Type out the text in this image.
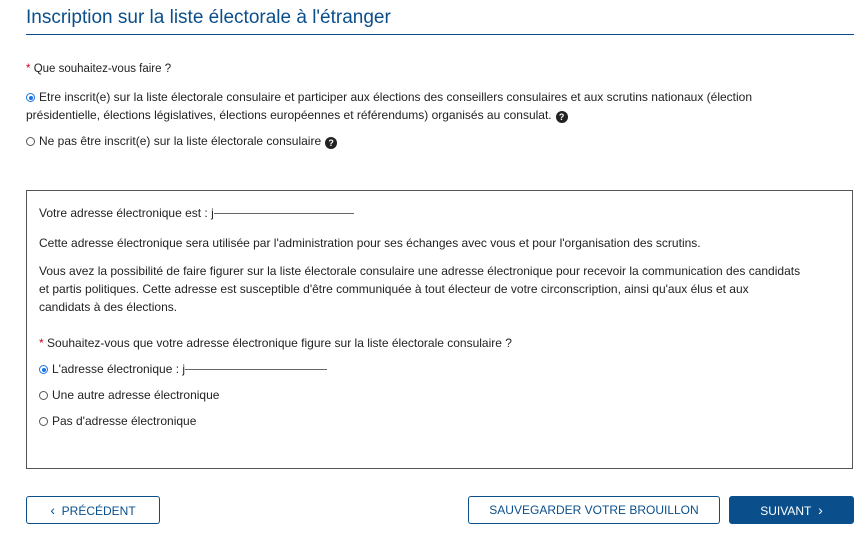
Inscription sur la liste électorale à l'étranger
* Que souhaitez-vous faire ?
Etre inscrit(e) sur la liste électorale consulaire et participer aux élections des conseillers consulaires et aux scrutins nationaux (élection
présidentielle, élections législatives, élections européennes et référendums) organisés au consulat. ?
Ne pas être inscrit(e) sur la liste électorale consulaire ?
Votre adresse électronique est : j
Cette adresse électronique sera utilisée par l'administration pour ses échanges avec vous et pour l'organisation des scrutins.
Vous avez la possibilité de faire figurer sur la liste électorale consulaire une adresse électronique pour recevoir la communication des candidats
et partis politiques. Cette adresse est susceptible d'être communiquée à tout électeur de votre circonscription, ainsi qu'aux élus et aux
candidats à des élections.
* Souhaitez-vous que votre adresse électronique figure sur la liste électorale consulaire ?
L'adresse électronique : j
Une autre adresse électronique
Pas d'adresse électronique
‹ PRÉCÉDENT	SAUVEGARDER VOTRE BROUILLON	SUIVANT ›
